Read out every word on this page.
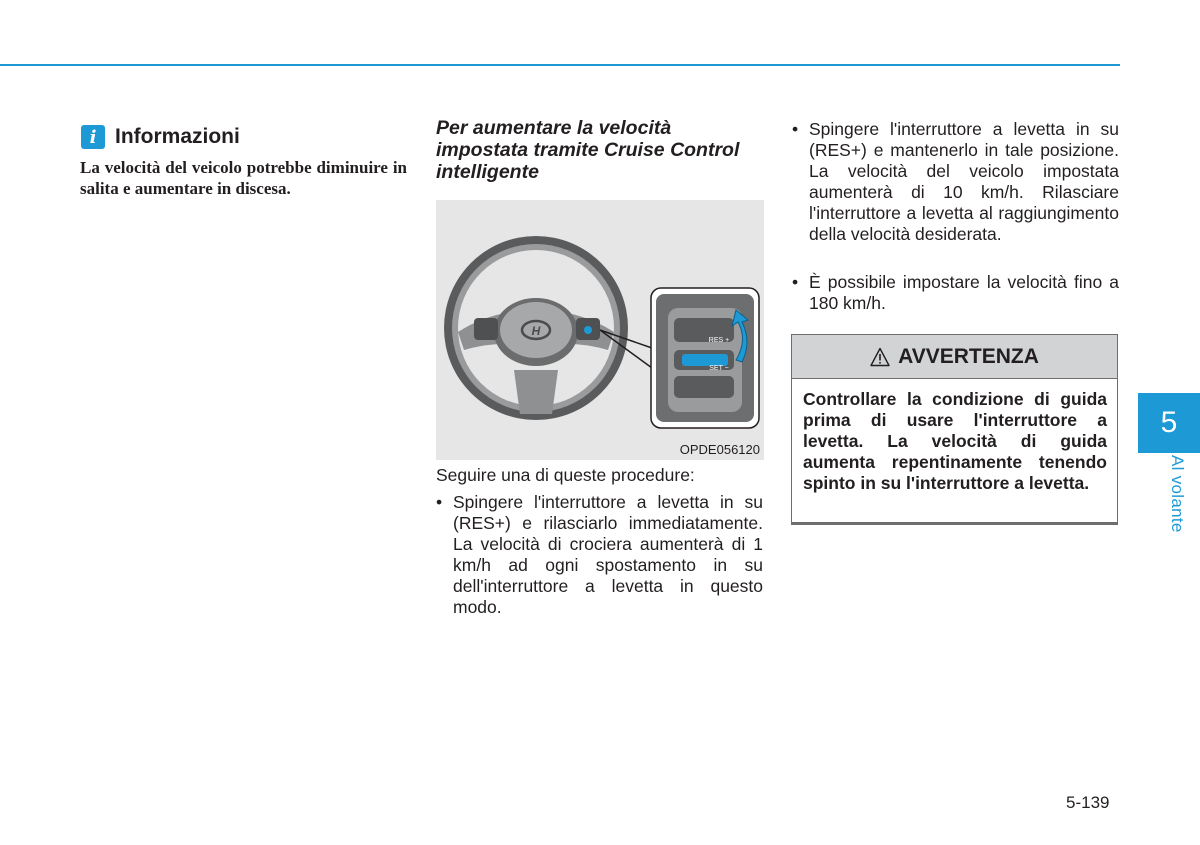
i Informazioni
La velocità del veicolo potrebbe diminuire in salita e aumentare in discesa.
Per aumentare la velocità impostata tramite Cruise Control intelligente
H
RES +
SET −
OPDE056120
Seguire una di queste procedure:
• Spingere l'interruttore a levetta in su (RES+) e rilasciarlo immediatamente. La velocità di crociera aumenterà di 1 km/h ad ogni spostamento in su dell'interruttore a levetta in questo modo.
• Spingere l'interruttore a levetta in su (RES+) e mantenerlo in tale posizione. La velocità del veicolo impostata aumenterà di 10 km/h. Rilasciare l'interruttore a levetta al raggiungimento della velocità desiderata.
• È possibile impostare la velocità fino a 180 km/h.
AVVERTENZA
Controllare la condizione di guida prima di usare l'interruttore a levetta. La velocità di guida aumenta repentinamente tenendo spinto in su l'interruttore a levetta.
5
Al volante
5-139
